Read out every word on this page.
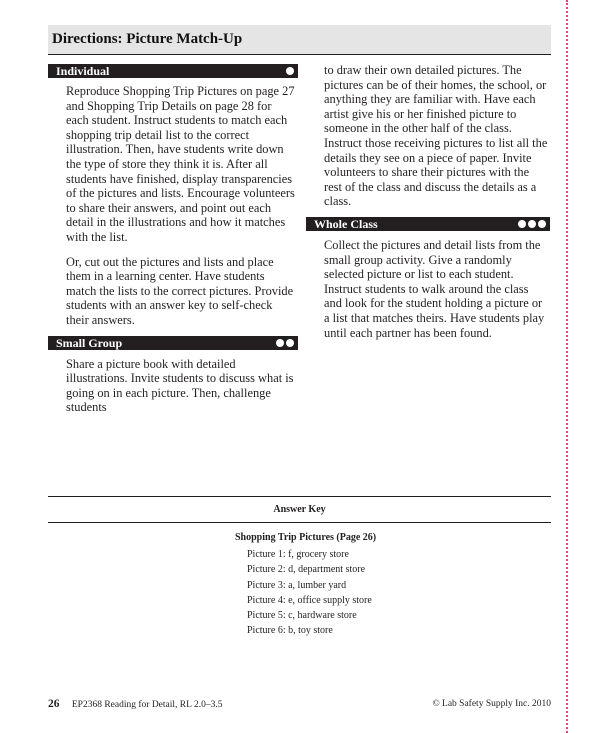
Directions: Picture Match-Up
Individual

Reproduce Shopping Trip Pictures on page 27 and Shopping Trip Details on page 28 for each student. Instruct students to match each shopping trip detail list to the correct illustration. Then, have students write down the type of store they think it is. After all students have finished, display transparencies of the pictures and lists. Encourage volunteers to share their answers, and point out each detail in the illustrations and how it matches with the list.

Or, cut out the pictures and lists and place them in a learning center. Have students match the lists to the correct pictures. Provide students with an answer key to self-check their answers.

Small Group

Share a picture book with detailed illustrations. Invite students to discuss what is going on in each picture. Then, challenge students

to draw their own detailed pictures. The pictures can be of their homes, the school, or anything they are familiar with. Have each artist give his or her finished picture to someone in the other half of the class. Instruct those receiving pictures to list all the details they see on a piece of paper. Invite volunteers to share their pictures with the rest of the class and discuss the details as a class.

Whole Class

Collect the pictures and detail lists from the small group activity. Give a randomly selected picture or list to each student. Instruct students to walk around the class and look for the student holding a picture or a list that matches theirs. Have students play until each partner has been found.

Answer Key
Shopping Trip Pictures (Page 26)
Picture 1: f, grocery store
Picture 2: d, department store
Picture 3: a, lumber yard
Picture 4: e, office supply store
Picture 5: c, hardware store
Picture 6: b, toy store
26 EP2368 Reading for Detail, RL 2.0–3.5	© Lab Safety Supply Inc. 2010
